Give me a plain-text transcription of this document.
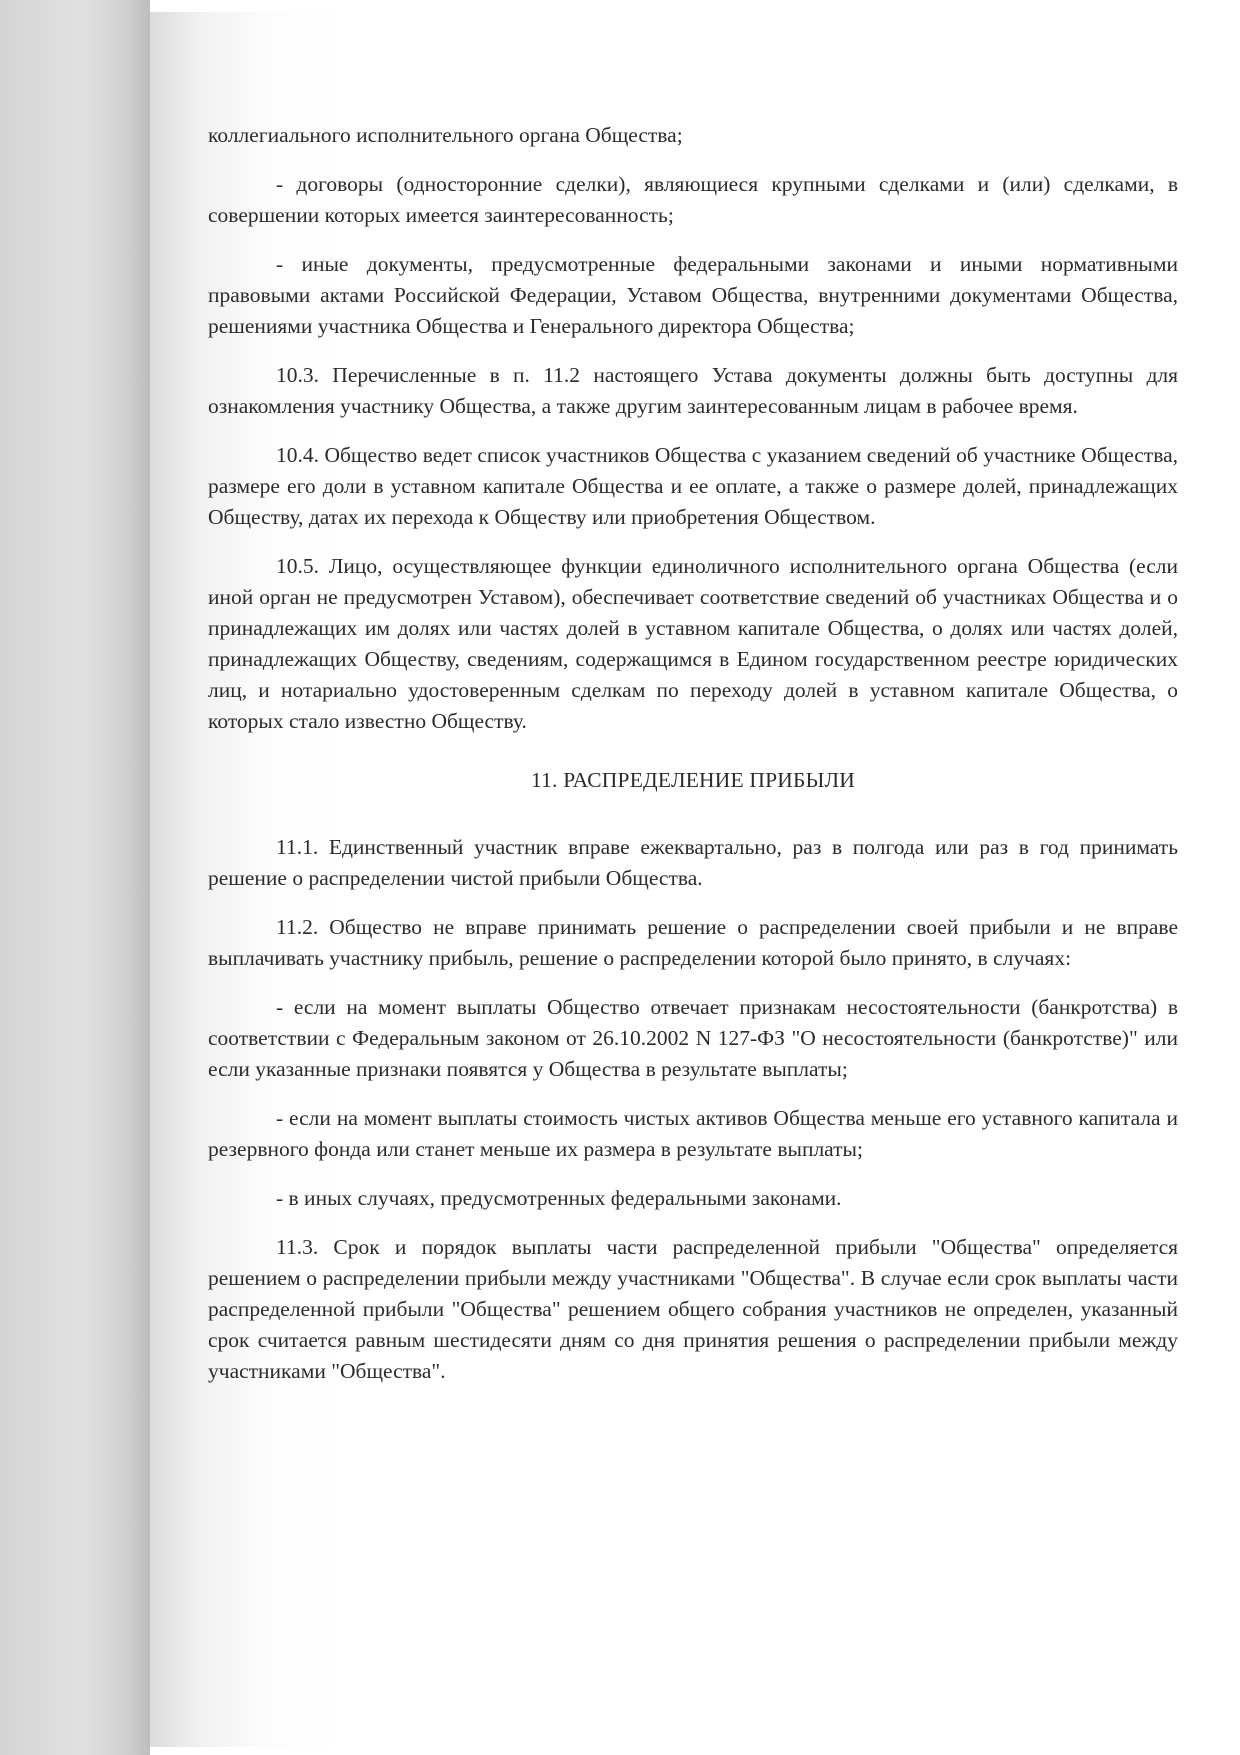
коллегиального исполнительного органа Общества;

- договоры (односторонние сделки), являющиеся крупными сделками и (или) сделками, в совершении которых имеется заинтересованность;

- иные документы, предусмотренные федеральными законами и иными нормативными правовыми актами Российской Федерации, Уставом Общества, внутренними документами Общества, решениями участника Общества и Генерального директора Общества;

10.3. Перечисленные в п. 11.2 настоящего Устава документы должны быть доступны для ознакомления участнику Общества, а также другим заинтересованным лицам в рабочее время.

10.4. Общество ведет список участников Общества с указанием сведений об участнике Общества, размере его доли в уставном капитале Общества и ее оплате, а также о размере долей, принадлежащих Обществу, датах их перехода к Обществу или приобретения Обществом.

10.5. Лицо, осуществляющее функции единоличного исполнительного органа Общества (если иной орган не предусмотрен Уставом), обеспечивает соответствие сведений об участниках Общества и о принадлежащих им долях или частях долей в уставном капитале Общества, о долях или частях долей, принадлежащих Обществу, сведениям, содержащимся в Едином государственном реестре юридических лиц, и нотариально удостоверенным сделкам по переходу долей в уставном капитале Общества, о которых стало известно Обществу.

11. РАСПРЕДЕЛЕНИЕ ПРИБЫЛИ

11.1. Единственный участник вправе ежеквартально, раз в полгода или раз в год принимать решение о распределении чистой прибыли Общества.

11.2. Общество не вправе принимать решение о распределении своей прибыли и не вправе выплачивать участнику прибыль, решение о распределении которой было принято, в случаях:

- если на момент выплаты Общество отвечает признакам несостоятельности (банкротства) в соответствии с Федеральным законом от 26.10.2002 N 127-ФЗ "О несостоятельности (банкротстве)" или если указанные признаки появятся у Общества в результате выплаты;

- если на момент выплаты стоимость чистых активов Общества меньше его уставного капитала и резервного фонда или станет меньше их размера в результате выплаты;

- в иных случаях, предусмотренных федеральными законами.

11.3. Срок и порядок выплаты части распределенной прибыли "Общества" определяется решением о распределении прибыли между участниками "Общества". В случае если срок выплаты части распределенной прибыли "Общества" решением общего собрания участников не определен, указанный срок считается равным шестидесяти дням со дня принятия решения о распределении прибыли между участниками "Общества".
